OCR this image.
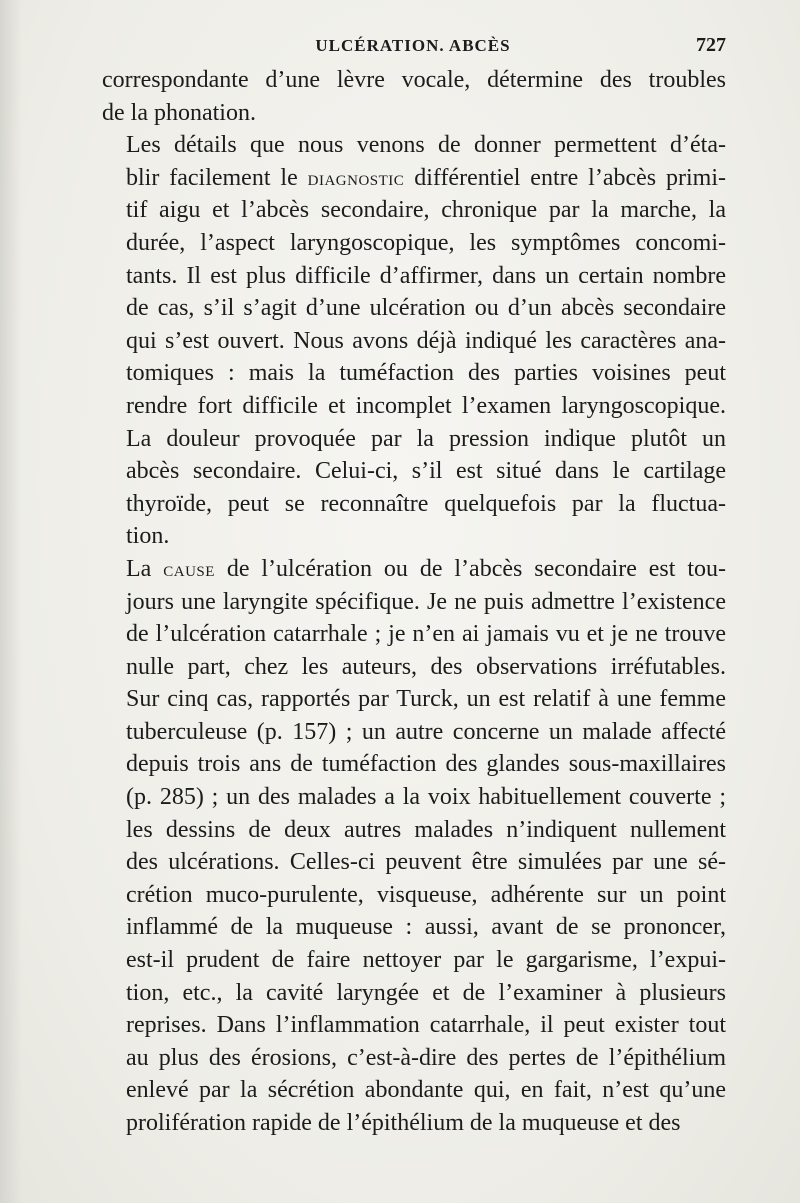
ULCÉRATION. ABCÈS	727

correspondante d’une lèvre vocale, détermine des troubles
de la phonation.

Les détails que nous venons de donner permettent d’éta-
blir facilement le diagnostic différentiel entre l’abcès primi-
tif aigu et l’abcès secondaire, chronique par la marche, la
durée, l’aspect laryngoscopique, les symptômes concomi-
tants. Il est plus difficile d’affirmer, dans un certain nombre
de cas, s’il s’agit d’une ulcération ou d’un abcès secondaire
qui s’est ouvert. Nous avons déjà indiqué les caractères ana-
tomiques : mais la tuméfaction des parties voisines peut
rendre fort difficile et incomplet l’examen laryngoscopique.
La douleur provoquée par la pression indique plutôt un
abcès secondaire. Celui-ci, s’il est situé dans le cartilage
thyroïde, peut se reconnaître quelquefois par la fluctua-
tion.

La cause de l’ulcération ou de l’abcès secondaire est tou-
jours une laryngite spécifique. Je ne puis admettre l’existence
de l’ulcération catarrhale ; je n’en ai jamais vu et je ne trouve
nulle part, chez les auteurs, des observations irréfutables.
Sur cinq cas, rapportés par Turck, un est relatif à une femme
tuberculeuse (p. 157) ; un autre concerne un malade affecté
depuis trois ans de tuméfaction des glandes sous-maxillaires
(p. 285) ; un des malades a la voix habituellement couverte ;
les dessins de deux autres malades n’indiquent nullement
des ulcérations. Celles-ci peuvent être simulées par une sé-
crétion muco-purulente, visqueuse, adhérente sur un point
inflammé de la muqueuse : aussi, avant de se prononcer,
est-il prudent de faire nettoyer par le gargarisme, l’expui-
tion, etc., la cavité laryngée et de l’examiner à plusieurs
reprises. Dans l’inflammation catarrhale, il peut exister tout
au plus des érosions, c’est-à-dire des pertes de l’épithélium
enlevé par la sécrétion abondante qui, en fait, n’est qu’une
prolifération rapide de l’épithélium de la muqueuse et des
